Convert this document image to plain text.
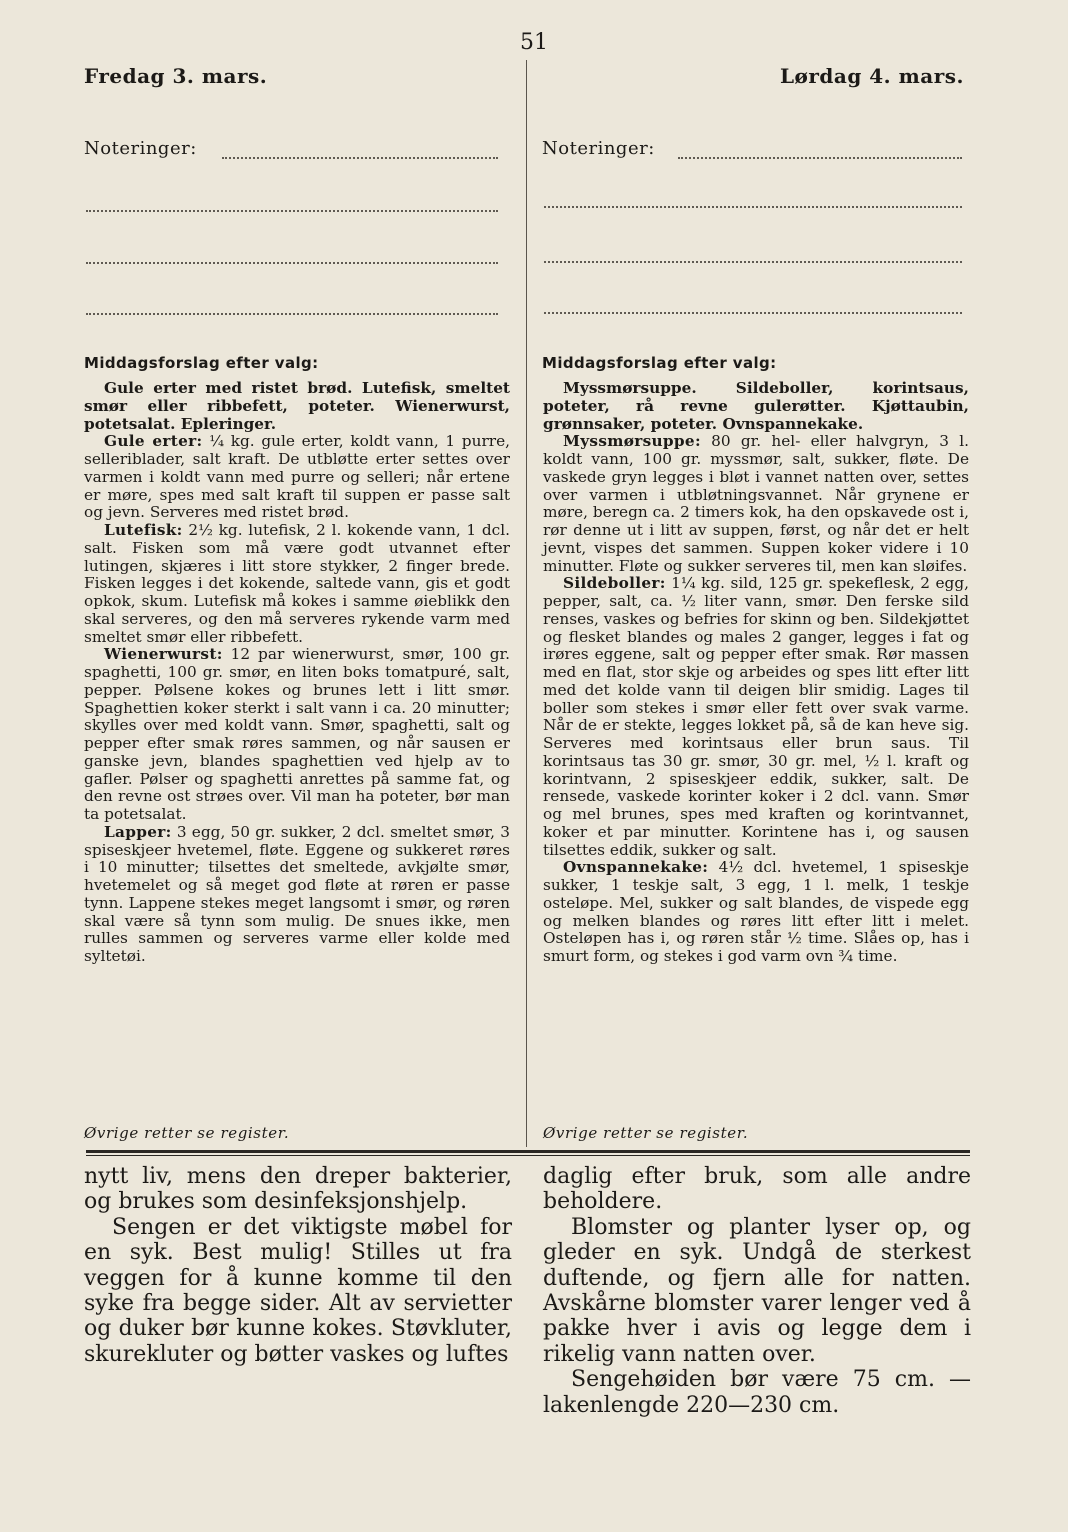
51
Fredag 3. mars.	Lørdag 4. mars.
Noteringer:	Noteringer:
Middagsforslag efter valg:	Middagsforslag efter valg:

Gule erter med ristet brød. Lutefisk, smeltet smør eller ribbefett, poteter. Wienerwurst, potetsalat. Epleringer.

Gule erter: ¼ kg. gule erter, koldt vann, 1 purre, selleriblader, salt kraft. De utbløtte erter settes over varmen i koldt vann med purre og selleri; når ertene er møre, spes med salt kraft til suppen er passe salt og jevn. Serveres med ristet brød.

Lutefisk: 2½ kg. lutefisk, 2 l. kokende vann, 1 dcl. salt. Fisken som må være godt utvannet efter lutingen, skjæres i litt store stykker, 2 finger brede. Fisken legges i det kokende, saltede vann, gis et godt opkok, skum. Lutefisk må kokes i samme øieblikk den skal serveres, og den må serveres rykende varm med smeltet smør eller ribbefett.

Wienerwurst: 12 par wienerwurst, smør, 100 gr. spaghetti, 100 gr. smør, en liten boks tomatpuré, salt, pepper. Pølsene kokes og brunes lett i litt smør. Spaghettien koker sterkt i salt vann i ca. 20 minutter; skylles over med koldt vann. Smør, spaghetti, salt og pepper efter smak røres sammen, og når sausen er ganske jevn, blandes spaghettien ved hjelp av to gafler. Pølser og spaghetti anrettes på samme fat, og den revne ost strøes over. Vil man ha poteter, bør man ta potetsalat.

Lapper: 3 egg, 50 gr. sukker, 2 dcl. smeltet smør, 3 spiseskjeer hvetemel, fløte. Eggene og sukkeret røres i 10 minutter; tilsettes det smeltede, avkjølte smør, hvetemelet og så meget god fløte at røren er passe tynn. Lappene stekes meget langsomt i smør, og røren skal være så tynn som mulig. De snues ikke, men rulles sammen og serveres varme eller kolde med syltetøi.

Øvrige retter se register.

Myssmørsuppe. Sildeboller, korintsaus, poteter, rå revne gulerøtter. Kjøttaubin, grønnsaker, poteter. Ovnspannekake.

Myssmørsuppe: 80 gr. hel- eller halvgryn, 3 l. koldt vann, 100 gr. myssmør, salt, sukker, fløte. De vaskede gryn legges i bløt i vannet natten over, settes over varmen i utbløtningsvannet. Når grynene er møre, beregn ca. 2 timers kok, ha den opskavede ost i, rør denne ut i litt av suppen, først, og når det er helt jevnt, vispes det sammen. Suppen koker videre i 10 minutter. Fløte og sukker serveres til, men kan sløifes.

Sildeboller: 1¼ kg. sild, 125 gr. spekeflesk, 2 egg, pepper, salt, ca. ½ liter vann, smør. Den ferske sild renses, vaskes og befries for skinn og ben. Sildekjøttet og flesket blandes og males 2 ganger, legges i fat og irøres eggene, salt og pepper efter smak. Rør massen med en flat, stor skje og arbeides og spes litt efter litt med det kolde vann til deigen blir smidig. Lages til boller som stekes i smør eller fett over svak varme. Når de er stekte, legges lokket på, så de kan heve sig. Serveres med korintsaus eller brun saus. Til korintsaus tas 30 gr. smør, 30 gr. mel, ½ l. kraft og korintvann, 2 spiseskjeer eddik, sukker, salt. De rensede, vaskede korinter koker i 2 dcl. vann. Smør og mel brunes, spes med kraften og korintvannet, koker et par minutter. Korintene has i, og sausen tilsettes eddik, sukker og salt.

Ovnspannekake: 4½ dcl. hvetemel, 1 spiseskje sukker, 1 teskje salt, 3 egg, 1 l. melk, 1 teskje osteløpe. Mel, sukker og salt blandes, de vispede egg og melken blandes og røres litt efter litt i melet. Osteløpen has i, og røren står ½ time. Slåes op, has i smurt form, og stekes i god varm ovn ¾ time.

Øvrige retter se register.

nytt liv, mens den dreper bakterier, og brukes som desinfeksjonshjelp.

Sengen er det viktigste møbel for en syk. Best mulig! Stilles ut fra veggen for å kunne komme til den syke fra begge sider. Alt av servietter og duker bør kunne kokes. Støvkluter, skurekluter og bøtter vaskes og luftes

daglig efter bruk, som alle andre beholdere.

Blomster og planter lyser op, og gleder en syk. Undgå de sterkest duftende, og fjern alle for natten. Avskårne blomster varer lenger ved å pakke hver i avis og legge dem i rikelig vann natten over.

Sengehøiden bør være 75 cm. — lakenlengde 220—230 cm.
